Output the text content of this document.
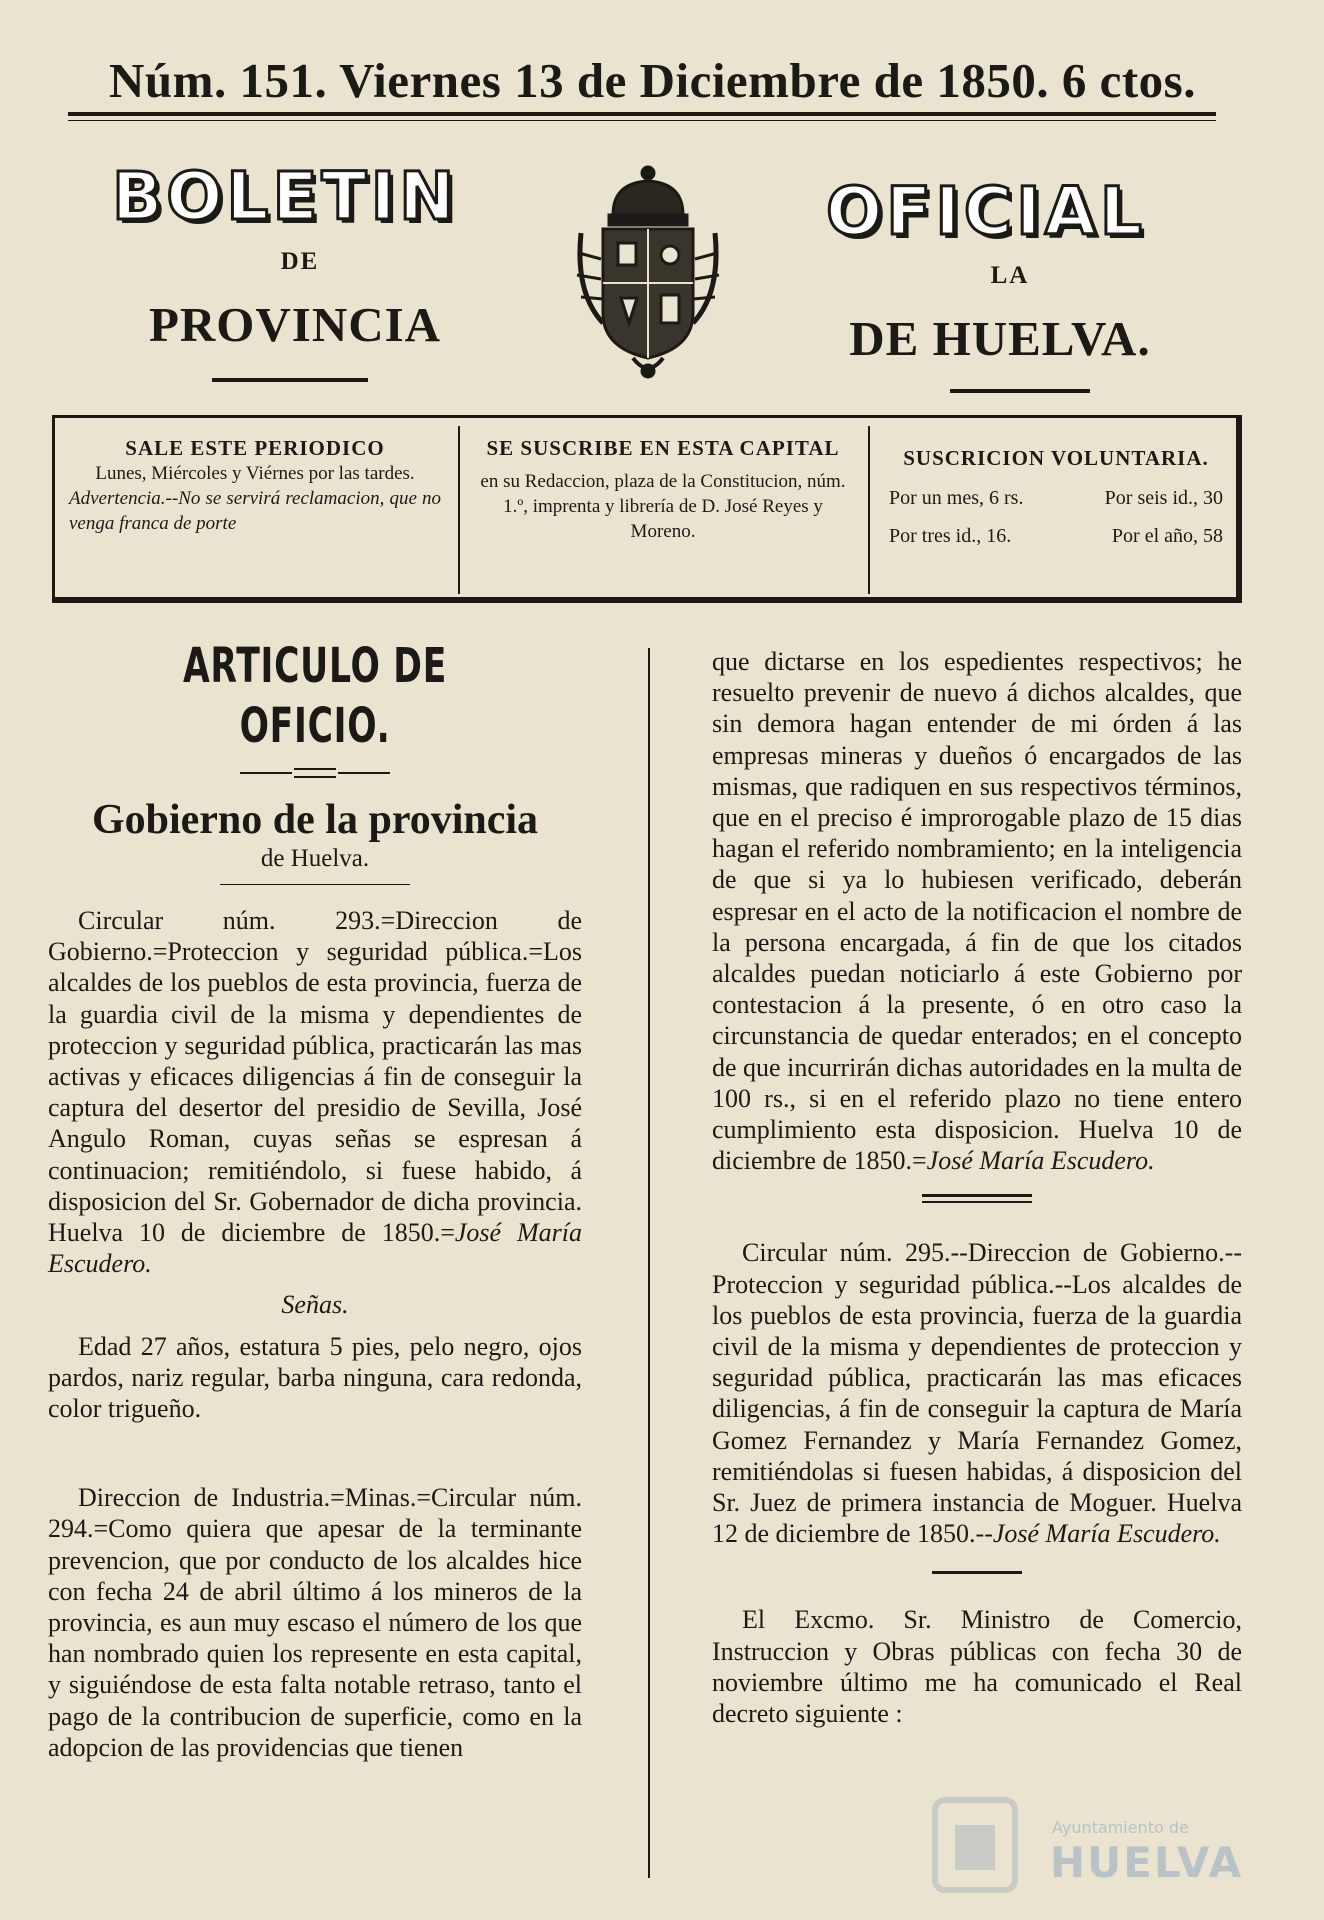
Núm. 151. Viernes 13 de Diciembre de 1850. 6 ctos.
BOLETIN
DE
PROVINCIA
OFICIAL
LA
DE HUELVA.
SALE ESTE PERIODICO
Lunes, Miércoles y Viérnes por las tardes.
Advertencia.--No se servirá reclamacion, que no venga franca de porte
SE SUSCRIBE EN ESTA CAPITAL
en su Redaccion, plaza de la Constitucion, núm. 1.º, imprenta y librería de D. José Reyes y Moreno.
SUSCRICION VOLUNTARIA.
Por un mes, 6 rs.	Por seis id., 30
Por tres id., 16.	Por el año, 58

ARTICULO DE OFICIO.

Gobierno de la provincia

de Huelva.

Circular núm. 293.=Direccion de Gobierno.=Proteccion y seguridad pública.=Los alcaldes de los pueblos de esta provincia, fuerza de la guardia civil de la misma y dependientes de proteccion y seguridad pública, practicarán las mas activas y eficaces diligencias á fin de conseguir la captura del desertor del presidio de Sevilla, José Angulo Roman, cuyas señas se espresan á continuacion; remitiéndolo, si fuese habido, á disposicion del Sr. Gobernador de dicha provincia. Huelva 10 de diciembre de 1850.=José María Escudero.

Señas.

Edad 27 años, estatura 5 pies, pelo negro, ojos pardos, nariz regular, barba ninguna, cara redonda, color trigueño.

Direccion de Industria.=Minas.=Circular núm. 294.=Como quiera que apesar de la terminante prevencion, que por conducto de los alcaldes hice con fecha 24 de abril último á los mineros de la provincia, es aun muy escaso el número de los que han nombrado quien los represente en esta capital, y siguiéndose de esta falta notable retraso, tanto el pago de la contribucion de superficie, como en la adopcion de las providencias que tienen

que dictarse en los espedientes respectivos; he resuelto prevenir de nuevo á dichos alcaldes, que sin demora hagan entender de mi órden á las empresas mineras y dueños ó encargados de las mismas, que radiquen en sus respectivos términos, que en el preciso é improrogable plazo de 15 dias hagan el referido nombramiento; en la inteligencia de que si ya lo hubiesen verificado, deberán espresar en el acto de la notificacion el nombre de la persona encargada, á fin de que los citados alcaldes puedan noticiarlo á este Gobierno por contestacion á la presente, ó en otro caso la circunstancia de quedar enterados; en el concepto de que incurrirán dichas autoridades en la multa de 100 rs., si en el referido plazo no tiene entero cumplimiento esta disposicion. Huelva 10 de diciembre de 1850.=José María Escudero.

Circular núm. 295.--Direccion de Gobierno.--Proteccion y seguridad pública.--Los alcaldes de los pueblos de esta provincia, fuerza de la guardia civil de la misma y dependientes de proteccion y seguridad pública, practicarán las mas eficaces diligencias, á fin de conseguir la captura de María Gomez Fernandez y María Fernandez Gomez, remitiéndolas si fuesen habidas, á disposicion del Sr. Juez de primera instancia de Moguer. Huelva 12 de diciembre de 1850.--José María Escudero.

El Excmo. Sr. Ministro de Comercio, Instruccion y Obras públicas con fecha 30 de noviembre último me ha comunicado el Real decreto siguiente :

Ayuntamiento de
HUELVA
